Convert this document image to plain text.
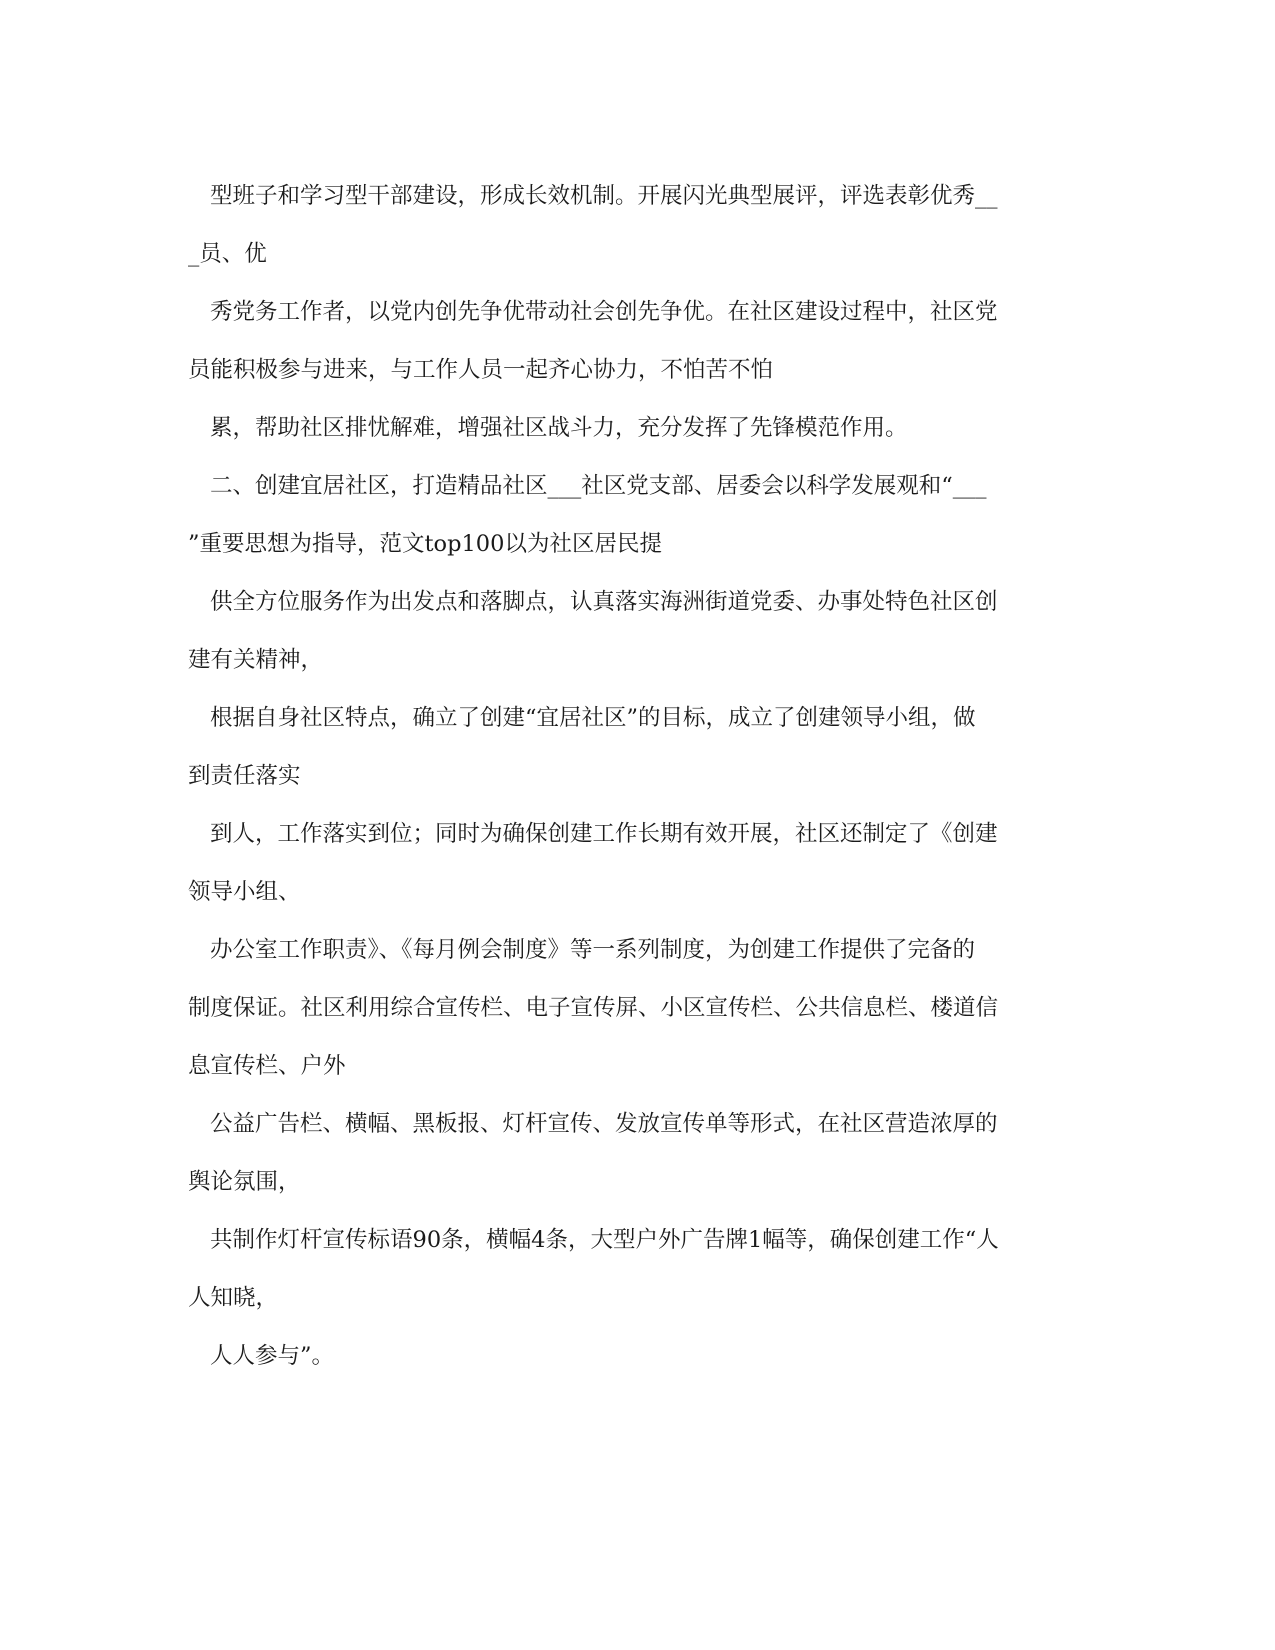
型班子和学习型干部建设，形成长效机制。开展闪光典型展评，评选表彰优秀__
_员、优
秀党务工作者，以党内创先争优带动社会创先争优。在社区建设过程中，社区党
员能积极参与进来，与工作人员一起齐心协力，不怕苦不怕
累，帮助社区排忧解难，增强社区战斗力，充分发挥了先锋模范作用。
二、创建宜居社区，打造精品社区___社区党支部、居委会以科学发展观和“___
”重要思想为指导，范文top100以为社区居民提
供全方位服务作为出发点和落脚点，认真落实海洲街道党委、办事处特色社区创
建有关精神，
根据自身社区特点，确立了创建“宜居社区”的目标，成立了创建领导小组，做
到责任落实
到人，工作落实到位；同时为确保创建工作长期有效开展，社区还制定了《创建
领导小组、
办公室工作职责》、《每月例会制度》等一系列制度，为创建工作提供了完备的
制度保证。社区利用综合宣传栏、电子宣传屏、小区宣传栏、公共信息栏、楼道信
息宣传栏、户外
公益广告栏、横幅、黑板报、灯杆宣传、发放宣传单等形式，在社区营造浓厚的
舆论氛围，
共制作灯杆宣传标语90条，横幅4条，大型户外广告牌1幅等，确保创建工作“人
人知晓，
人人参与”。
